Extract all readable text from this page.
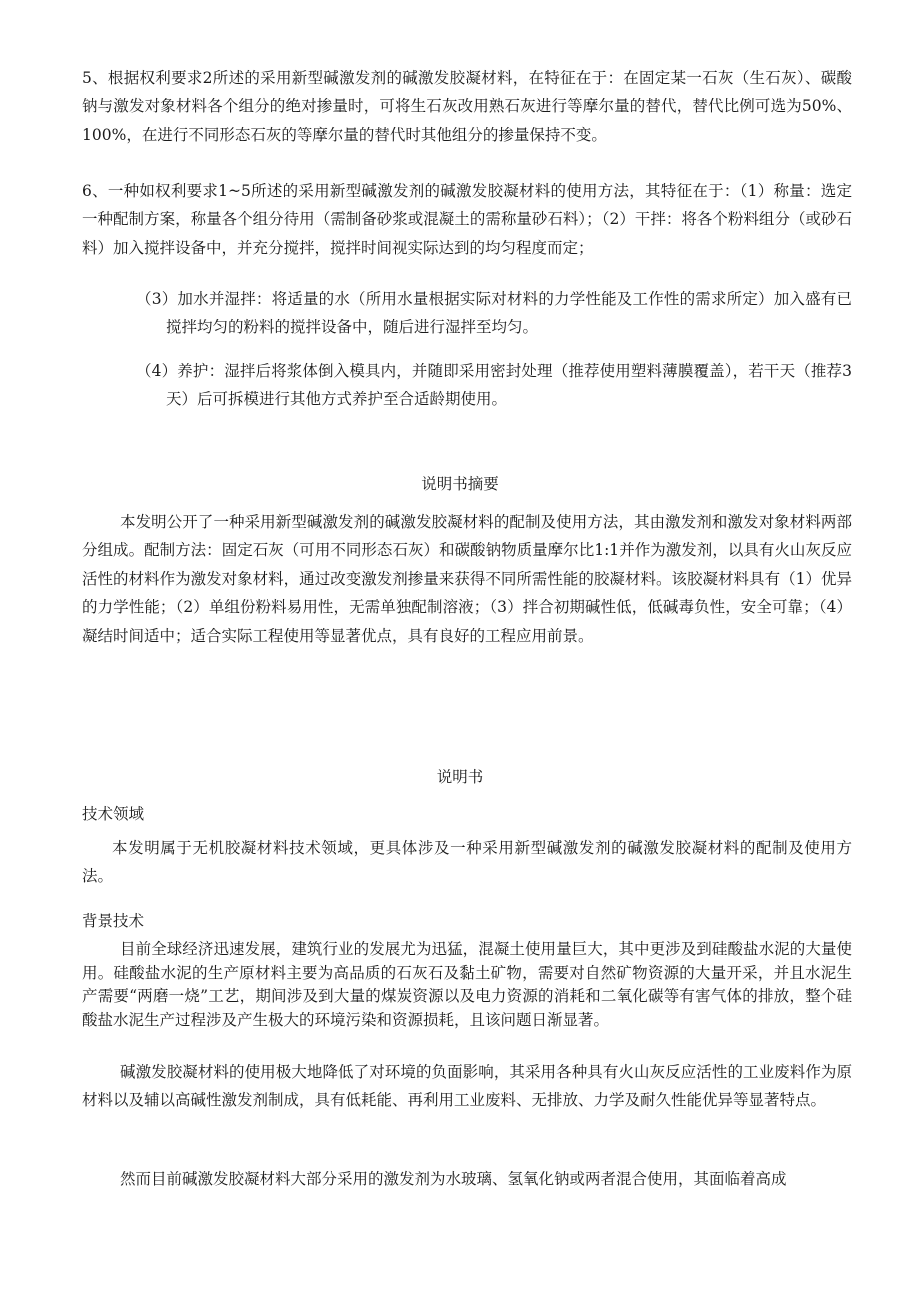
5、根据权利要求2所述的采用新型碱激发剂的碱激发胶凝材料，在特征在于：在固定某一石灰（生石灰）、碳酸钠与激发对象材料各个组分的绝对掺量时，可将生石灰改用熟石灰进行等摩尔量的替代，替代比例可选为50%、100%，在进行不同形态石灰的等摩尔量的替代时其他组分的掺量保持不变。

6、一种如权利要求1~5所述的采用新型碱激发剂的碱激发胶凝材料的使用方法，其特征在于：（1）称量：选定一种配制方案，称量各个组分待用（需制备砂浆或混凝土的需称量砂石料）；（2）干拌：将各个粉料组分（或砂石料）加入搅拌设备中，并充分搅拌，搅拌时间视实际达到的均匀程度而定；

（3）加水并湿拌：将适量的水（所用水量根据实际对材料的力学性能及工作性的需求所定）加入盛有已搅拌均匀的粉料的搅拌设备中，随后进行湿拌至均匀。

（4）养护：湿拌后将浆体倒入模具内，并随即采用密封处理（推荐使用塑料薄膜覆盖），若干天（推荐3天）后可拆模进行其他方式养护至合适龄期使用。

说明书摘要

本发明公开了一种采用新型碱激发剂的碱激发胶凝材料的配制及使用方法，其由激发剂和激发对象材料两部分组成。配制方法：固定石灰（可用不同形态石灰）和碳酸钠物质量摩尔比1:1并作为激发剂，以具有火山灰反应活性的材料作为激发对象材料，通过改变激发剂掺量来获得不同所需性能的胶凝材料。该胶凝材料具有（1）优异的力学性能；（2）单组份粉料易用性，无需单独配制溶液；（3）拌合初期碱性低，低碱毒负性，安全可靠；（4）凝结时间适中；适合实际工程使用等显著优点，具有良好的工程应用前景。

说明书
技术领域

本发明属于无机胶凝材料技术领域，更具体涉及一种采用新型碱激发剂的碱激发胶凝材料的配制及使用方法。

背景技术

目前全球经济迅速发展，建筑行业的发展尤为迅猛，混凝土使用量巨大，其中更涉及到硅酸盐水泥的大量使用。硅酸盐水泥的生产原材料主要为高品质的石灰石及黏土矿物，需要对自然矿物资源的大量开采，并且水泥生产需要“两磨一烧”工艺，期间涉及到大量的煤炭资源以及电力资源的消耗和二氧化碳等有害气体的排放，整个硅酸盐水泥生产过程涉及产生极大的环境污染和资源损耗，且该问题日渐显著。

碱激发胶凝材料的使用极大地降低了对环境的负面影响，其采用各种具有火山灰反应活性的工业废料作为原材料以及辅以高碱性激发剂制成，具有低耗能、再利用工业废料、无排放、力学及耐久性能优异等显著特点。

然而目前碱激发胶凝材料大部分采用的激发剂为水玻璃、氢氧化钠或两者混合使用，其面临着高成
